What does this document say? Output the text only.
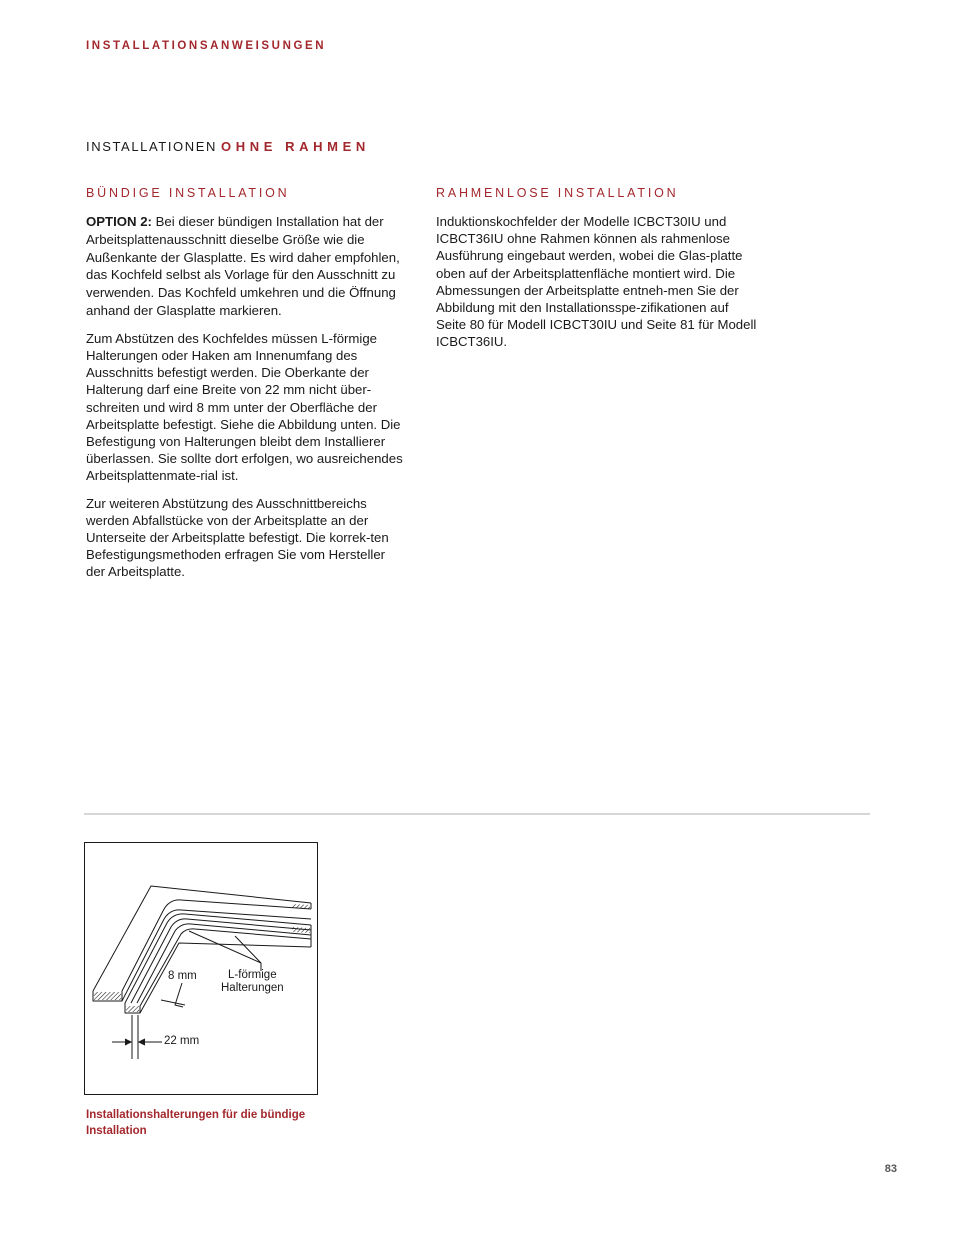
INSTALLATIONSANWEISUNGEN
INSTALLATIONEN OHNE RAHMEN
BÜNDIGE INSTALLATION

OPTION 2: Bei dieser bündigen Installation hat der Arbeitsplattenausschnitt dieselbe Größe wie die Außenkante der Glasplatte. Es wird daher empfohlen, das Kochfeld selbst als Vorlage für den Ausschnitt zu verwenden. Das Kochfeld umkehren und die Öffnung anhand der Glasplatte markieren.

Zum Abstützen des Kochfeldes müssen L-förmige Halterungen oder Haken am Innenumfang des Ausschnitts befestigt werden. Die Oberkante der Halterung darf eine Breite von 22 mm nicht über-schreiten und wird 8 mm unter der Oberfläche der Arbeitsplatte befestigt. Siehe die Abbildung unten. Die Befestigung von Halterungen bleibt dem Installierer überlassen. Sie sollte dort erfolgen, wo ausreichendes Arbeitsplattenmate-rial ist.

Zur weiteren Abstützung des Ausschnittbereichs werden Abfallstücke von der Arbeitsplatte an der Unterseite der Arbeitsplatte befestigt. Die korrek-ten Befestigungsmethoden erfragen Sie vom Hersteller der Arbeitsplatte.

RAHMENLOSE INSTALLATION

Induktionskochfelder der Modelle ICBCT30IU und ICBCT36IU ohne Rahmen können als rahmenlose Ausführung eingebaut werden, wobei die Glas-platte oben auf der Arbeitsplattenfläche montiert wird. Die Abmessungen der Arbeitsplatte entneh-men Sie der Abbildung mit den Installationsspe-zifikationen auf Seite 80 für Modell ICBCT30IU und Seite 81 für Modell ICBCT36IU.

8 mm	L-förmige
Halterungen
22 mm
Installationshalterungen für die bündige Installation
83
